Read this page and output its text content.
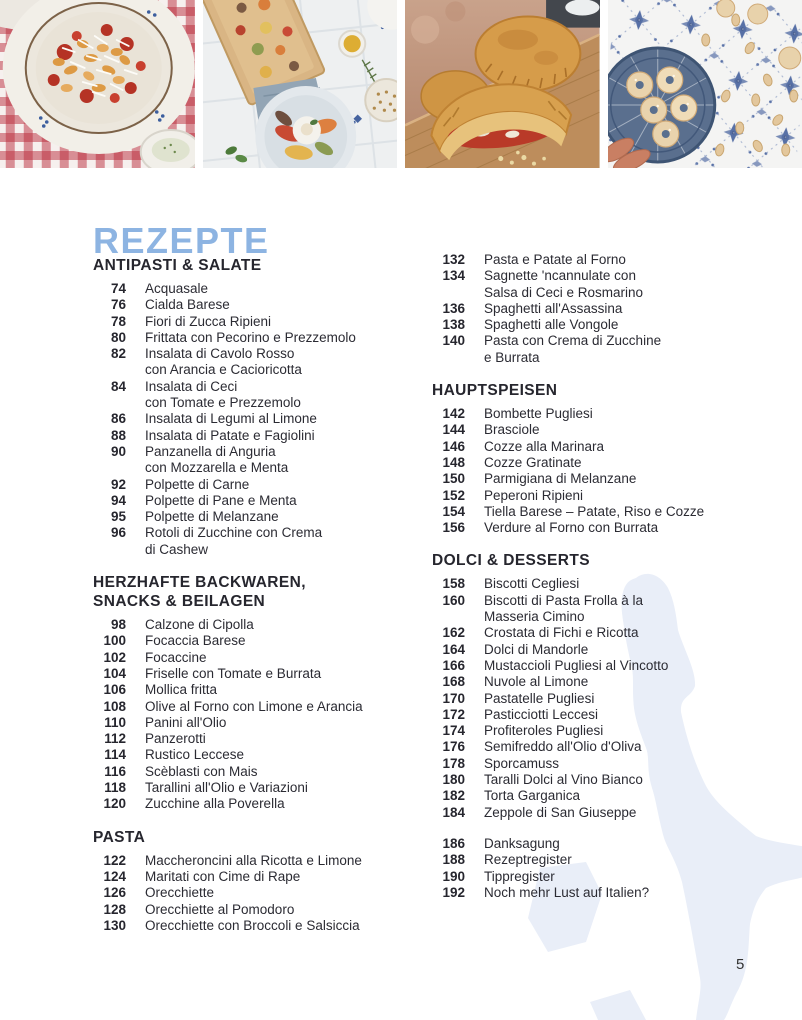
REZEPTE
ANTIPASTI & SALATE
74 Acquasale
76 Cialda Barese
78 Fiori di Zucca Ripieni
80 Frittata con Pecorino e Prezzemolo
82 Insalata di Cavolo Rosso
con Arancia e Cacioricotta
84 Insalata di Ceci
con Tomate e Prezzemolo
86 Insalata di Legumi al Limone
88 Insalata di Patate e Fagiolini
90 Panzanella di Anguria
con Mozzarella e Menta
92 Polpette di Carne
94 Polpette di Pane e Menta
95 Polpette di Melanzane
96 Rotoli di Zucchine con Crema
di Cashew
HERZHAFTE BACKWAREN,
SNACKS & BEILAGEN
98 Calzone di Cipolla
100 Focaccia Barese
102 Focaccine
104 Friselle con Tomate e Burrata
106 Mollica fritta
108 Olive al Forno con Limone e Arancia
110 Panini all'Olio
112 Panzerotti
114 Rustico Leccese
116 Scèblasti con Mais
118 Tarallini all'Olio e Variazioni
120 Zucchine alla Poverella
PASTA
122 Maccheroncini alla Ricotta e Limone
124 Maritati con Cime di Rape
126 Orecchiette
128 Orecchiette al Pomodoro
130 Orecchiette con Broccoli e Salsiccia
132 Pasta e Patate al Forno
134 Sagnette 'ncannulate con
Salsa di Ceci e Rosmarino
136 Spaghetti all'Assassina
138 Spaghetti alle Vongole
140 Pasta con Crema di Zucchine
e Burrata
HAUPTSPEISEN
142 Bombette Pugliesi
144 Brasciole
146 Cozze alla Marinara
148 Cozze Gratinate
150 Parmigiana di Melanzane
152 Peperoni Ripieni
154 Tiella Barese – Patate, Riso e Cozze
156 Verdure al Forno con Burrata
DOLCI & DESSERTS
158 Biscotti Cegliesi
160 Biscotti di Pasta Frolla à la
Masseria Cimino
162 Crostata di Fichi e Ricotta
164 Dolci di Mandorle
166 Mustaccioli Pugliesi al Vincotto
168 Nuvole al Limone
170 Pastatelle Pugliesi
172 Pasticciotti Leccesi
174 Profiteroles Pugliesi
176 Semifreddo all'Olio d'Oliva
178 Sporcamuss
180 Taralli Dolci al Vino Bianco
182 Torta Garganica
184 Zeppole di San Giuseppe
186 Danksagung
188 Rezeptregister
190 Tippregister
192 Noch mehr Lust auf Italien?
5
